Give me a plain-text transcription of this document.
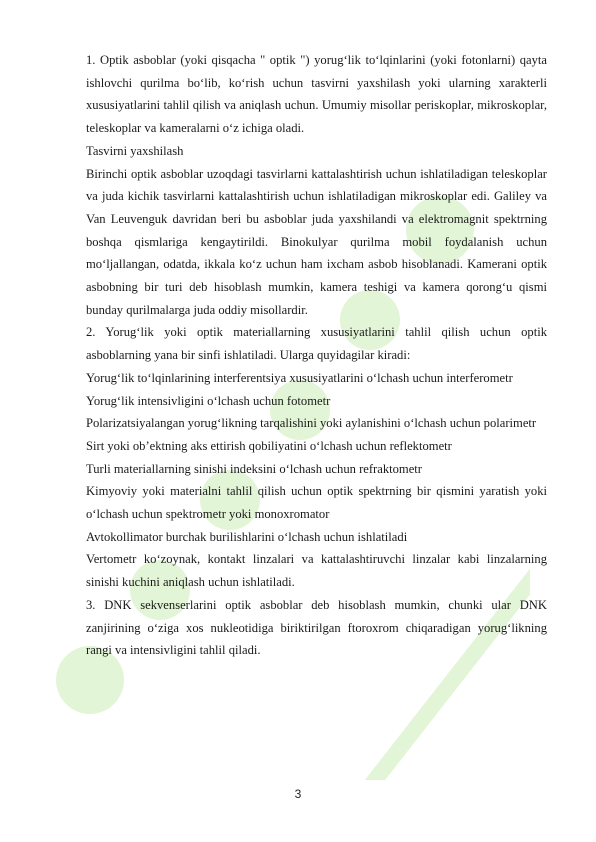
1. Optik asboblar (yoki qisqacha " optik ") yorug‘lik to‘lqinlarini (yoki fotonlarni) qayta ishlovchi qurilma bo‘lib, ko‘rish uchun tasvirni yaxshilash yoki ularning xarakterli xususiyatlarini tahlil qilish va aniqlash uchun. Umumiy misollar periskoplar, mikroskoplar, teleskoplar va kameralarni o‘z ichiga oladi.

Tasvirni yaxshilash

Birinchi optik asboblar uzoqdagi tasvirlarni kattalashtirish uchun ishlatiladigan teleskoplar va juda kichik tasvirlarni kattalashtirish uchun ishlatiladigan mikroskoplar edi. Galiley va Van Leuvenguk davridan beri bu asboblar juda yaxshilandi va elektromagnit spektrning boshqa qismlariga kengaytirildi. Binokulyar qurilma mobil foydalanish uchun mo‘ljallangan, odatda, ikkala ko‘z uchun ham ixcham asbob hisoblanadi. Kamerani optik asbobning bir turi deb hisoblash mumkin, kamera teshigi va kamera qorong‘u qismi bunday qurilmalarga juda oddiy misollardir.

2. Yorug‘lik yoki optik materiallarning xususiyatlarini tahlil qilish uchun optik asboblarning yana bir sinfi ishlatiladi. Ularga quyidagilar kiradi:

Yorug‘lik to‘lqinlarining interferentsiya xususiyatlarini o‘lchash uchun interferometr

Yorug‘lik intensivligini o‘lchash uchun fotometr

Polarizatsiyalangan yorug‘likning tarqalishini yoki aylanishini o‘lchash uchun polarimetr

Sirt yoki ob’ektning aks ettirish qobiliyatini o‘lchash uchun reflektometr

Turli materiallarning sinishi indeksini o‘lchash uchun refraktometr

Kimyoviy yoki materialni tahlil qilish uchun optik spektrning bir qismini yaratish yoki o‘lchash uchun spektrometr yoki monoxromator

Avtokollimator burchak burilishlarini o‘lchash uchun ishlatiladi

Vertometr ko‘zoynak, kontakt linzalari va kattalashtiruvchi linzalar kabi linzalarning sinishi kuchini aniqlash uchun ishlatiladi.

3. DNK sekvenserlarini optik asboblar deb hisoblash mumkin, chunki ular DNK zanjirining o‘ziga xos nukleotidiga biriktirilgan ftoroxrom chiqaradigan yorug‘likning rangi va intensivligini tahlil qiladi.

3
